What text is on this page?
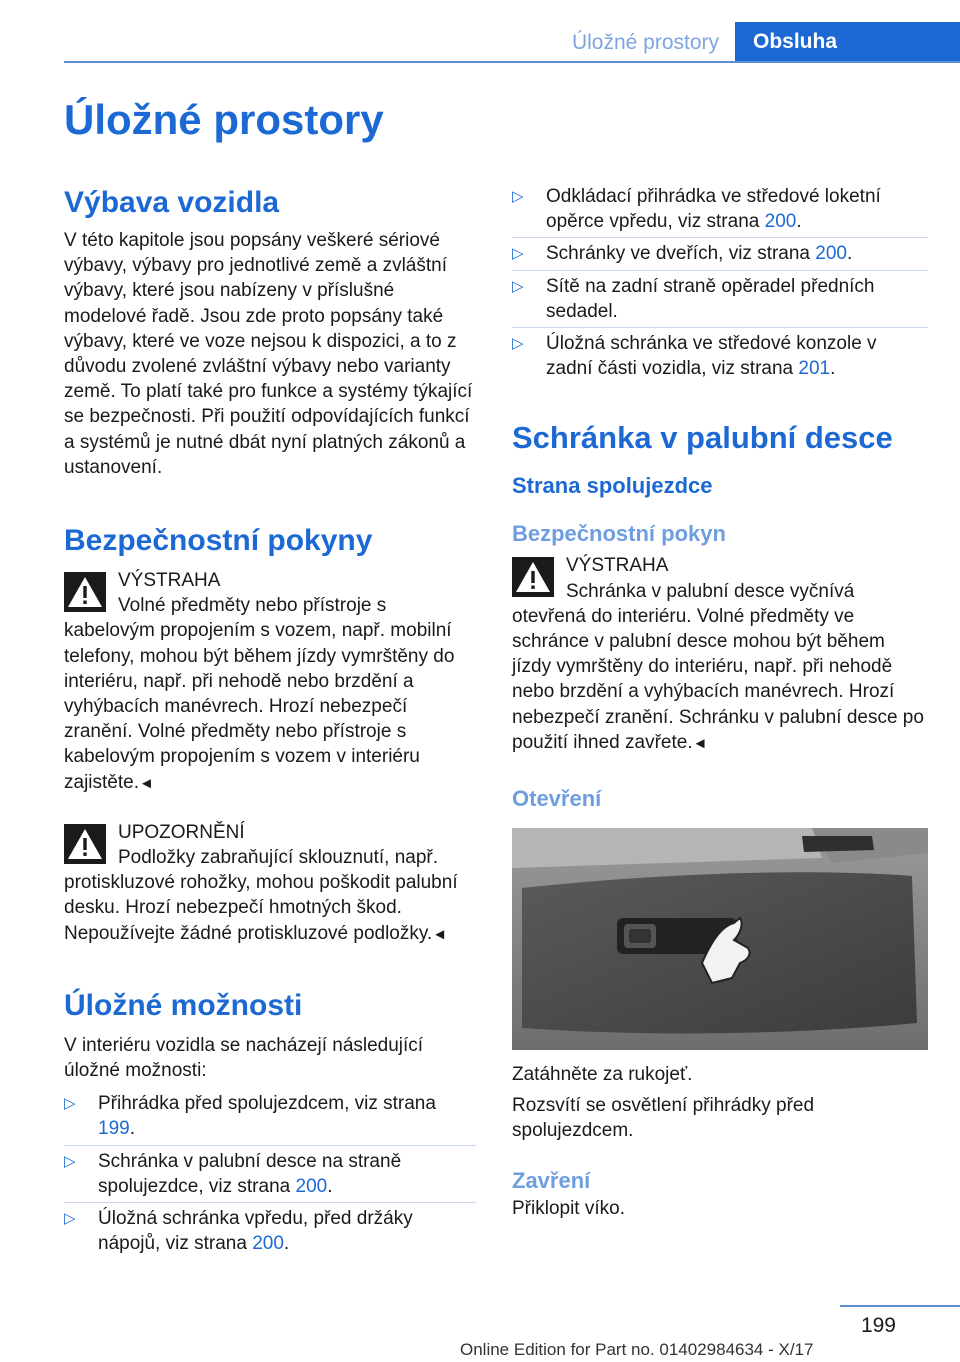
Úložné prostory	Obsluha
Úložné prostory
Výbava vozidla

V této kapitole jsou popsány veškeré sériové výbavy, výbavy pro jednotlivé země a zvláštní výbavy, které jsou nabízeny v příslušné modelové řadě. Jsou zde proto popsány také výbavy, které ve voze nejsou k dispozici, a to z důvodu zvolené zvláštní výbavy nebo varianty země. To platí také pro funkce a systémy týkající se bezpečnosti. Při použití odpovídajících funkcí a systémů je nutné dbát nyní platných zákonů a ustanovení.

Bezpečnostní pokyny
VÝSTRAHA
Volné předměty nebo přístroje s kabelovým propojením s vozem, např. mobilní telefony, mohou být během jízdy vymrštěny do interiéru, např. při nehodě nebo brzdění a vyhýbacích manévrech. Hrozí nebezpečí zranění. Volné předměty nebo přístroje s kabelovým propojením s vozem v interiéru zajistěte.◄
UPOZORNĚNÍ
Podložky zabraňující sklouznutí, např. protiskluzové rohožky, mohou poškodit palubní desku. Hrozí nebezpečí hmotných škod. Nepoužívejte žádné protiskluzové podložky.◄
Úložné možnosti

V interiéru vozidla se nacházejí následující úložné možnosti:

▷ Přihrádka před spolujezdcem, viz strana 199.
▷ Schránka v palubní desce na straně spolujezdce, viz strana 200.
▷ Úložná schránka vpředu, před držáky nápojů, viz strana 200.
▷ Odkládací přihrádka ve středové loketní opěrce vpředu, viz strana 200.
▷ Schránky ve dveřích, viz strana 200.
▷ Sítě na zadní straně opěradel předních sedadel.
▷ Úložná schránka ve středové konzole v zadní části vozidla, viz strana 201.
Schránka v palubní desce
Strana spolujezdce
Bezpečnostní pokyn
VÝSTRAHA
Schránka v palubní desce vyčnívá otevřená do interiéru. Volné předměty ve schránce v palubní desce mohou být během jízdy vymrštěny do interiéru, např. při nehodě nebo brzdění a vyhýbacích manévrech. Hrozí nebezpečí zranění. Schránku v palubní desce po použití ihned zavřete.◄
Otevření

Zatáhněte za rukojeť.

Rozsvítí se osvětlení přihrádky před spolujezdcem.

Zavření

Přiklopit víko.

199
Online Edition for Part no. 01402984634 - X/17
